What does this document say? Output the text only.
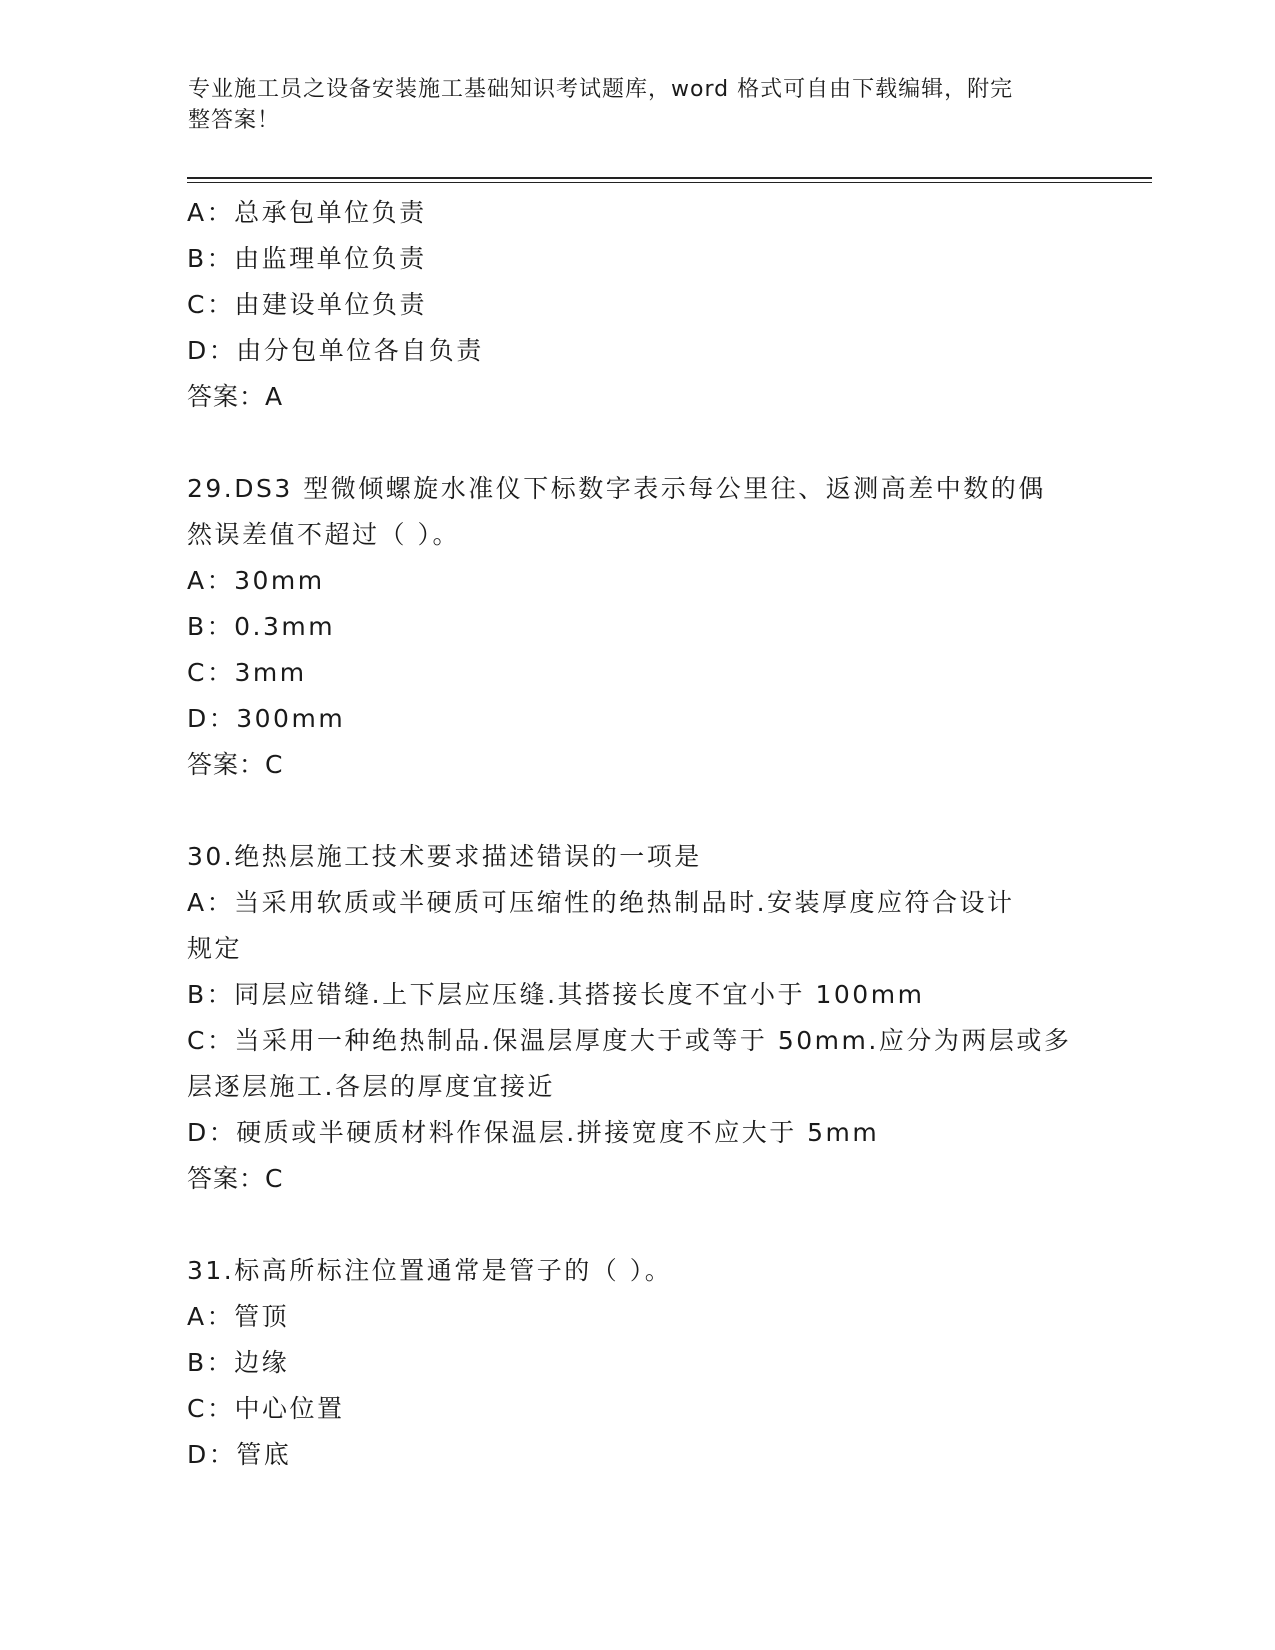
专业施工员之设备安装施工基础知识考试题库，word 格式可自由下载编辑，附完
整答案！
A：总承包单位负责
B：由监理单位负责
C：由建设单位负责
D：由分包单位各自负责
答案：A
29.DS3 型微倾螺旋水准仪下标数字表示每公里往、返测高差中数的偶
然误差值不超过（ ）。
A：30mm
B：0.3mm
C：3mm
D：300mm
答案：C
30.绝热层施工技术要求描述错误的一项是
A：当采用软质或半硬质可压缩性的绝热制品时.安装厚度应符合设计
规定
B：同层应错缝.上下层应压缝.其搭接长度不宜小于 100mm
C：当采用一种绝热制品.保温层厚度大于或等于 50mm.应分为两层或多
层逐层施工.各层的厚度宜接近
D：硬质或半硬质材料作保温层.拼接宽度不应大于 5mm
答案：C
31.标高所标注位置通常是管子的（ ）。
A：管顶
B：边缘
C：中心位置
D：管底
